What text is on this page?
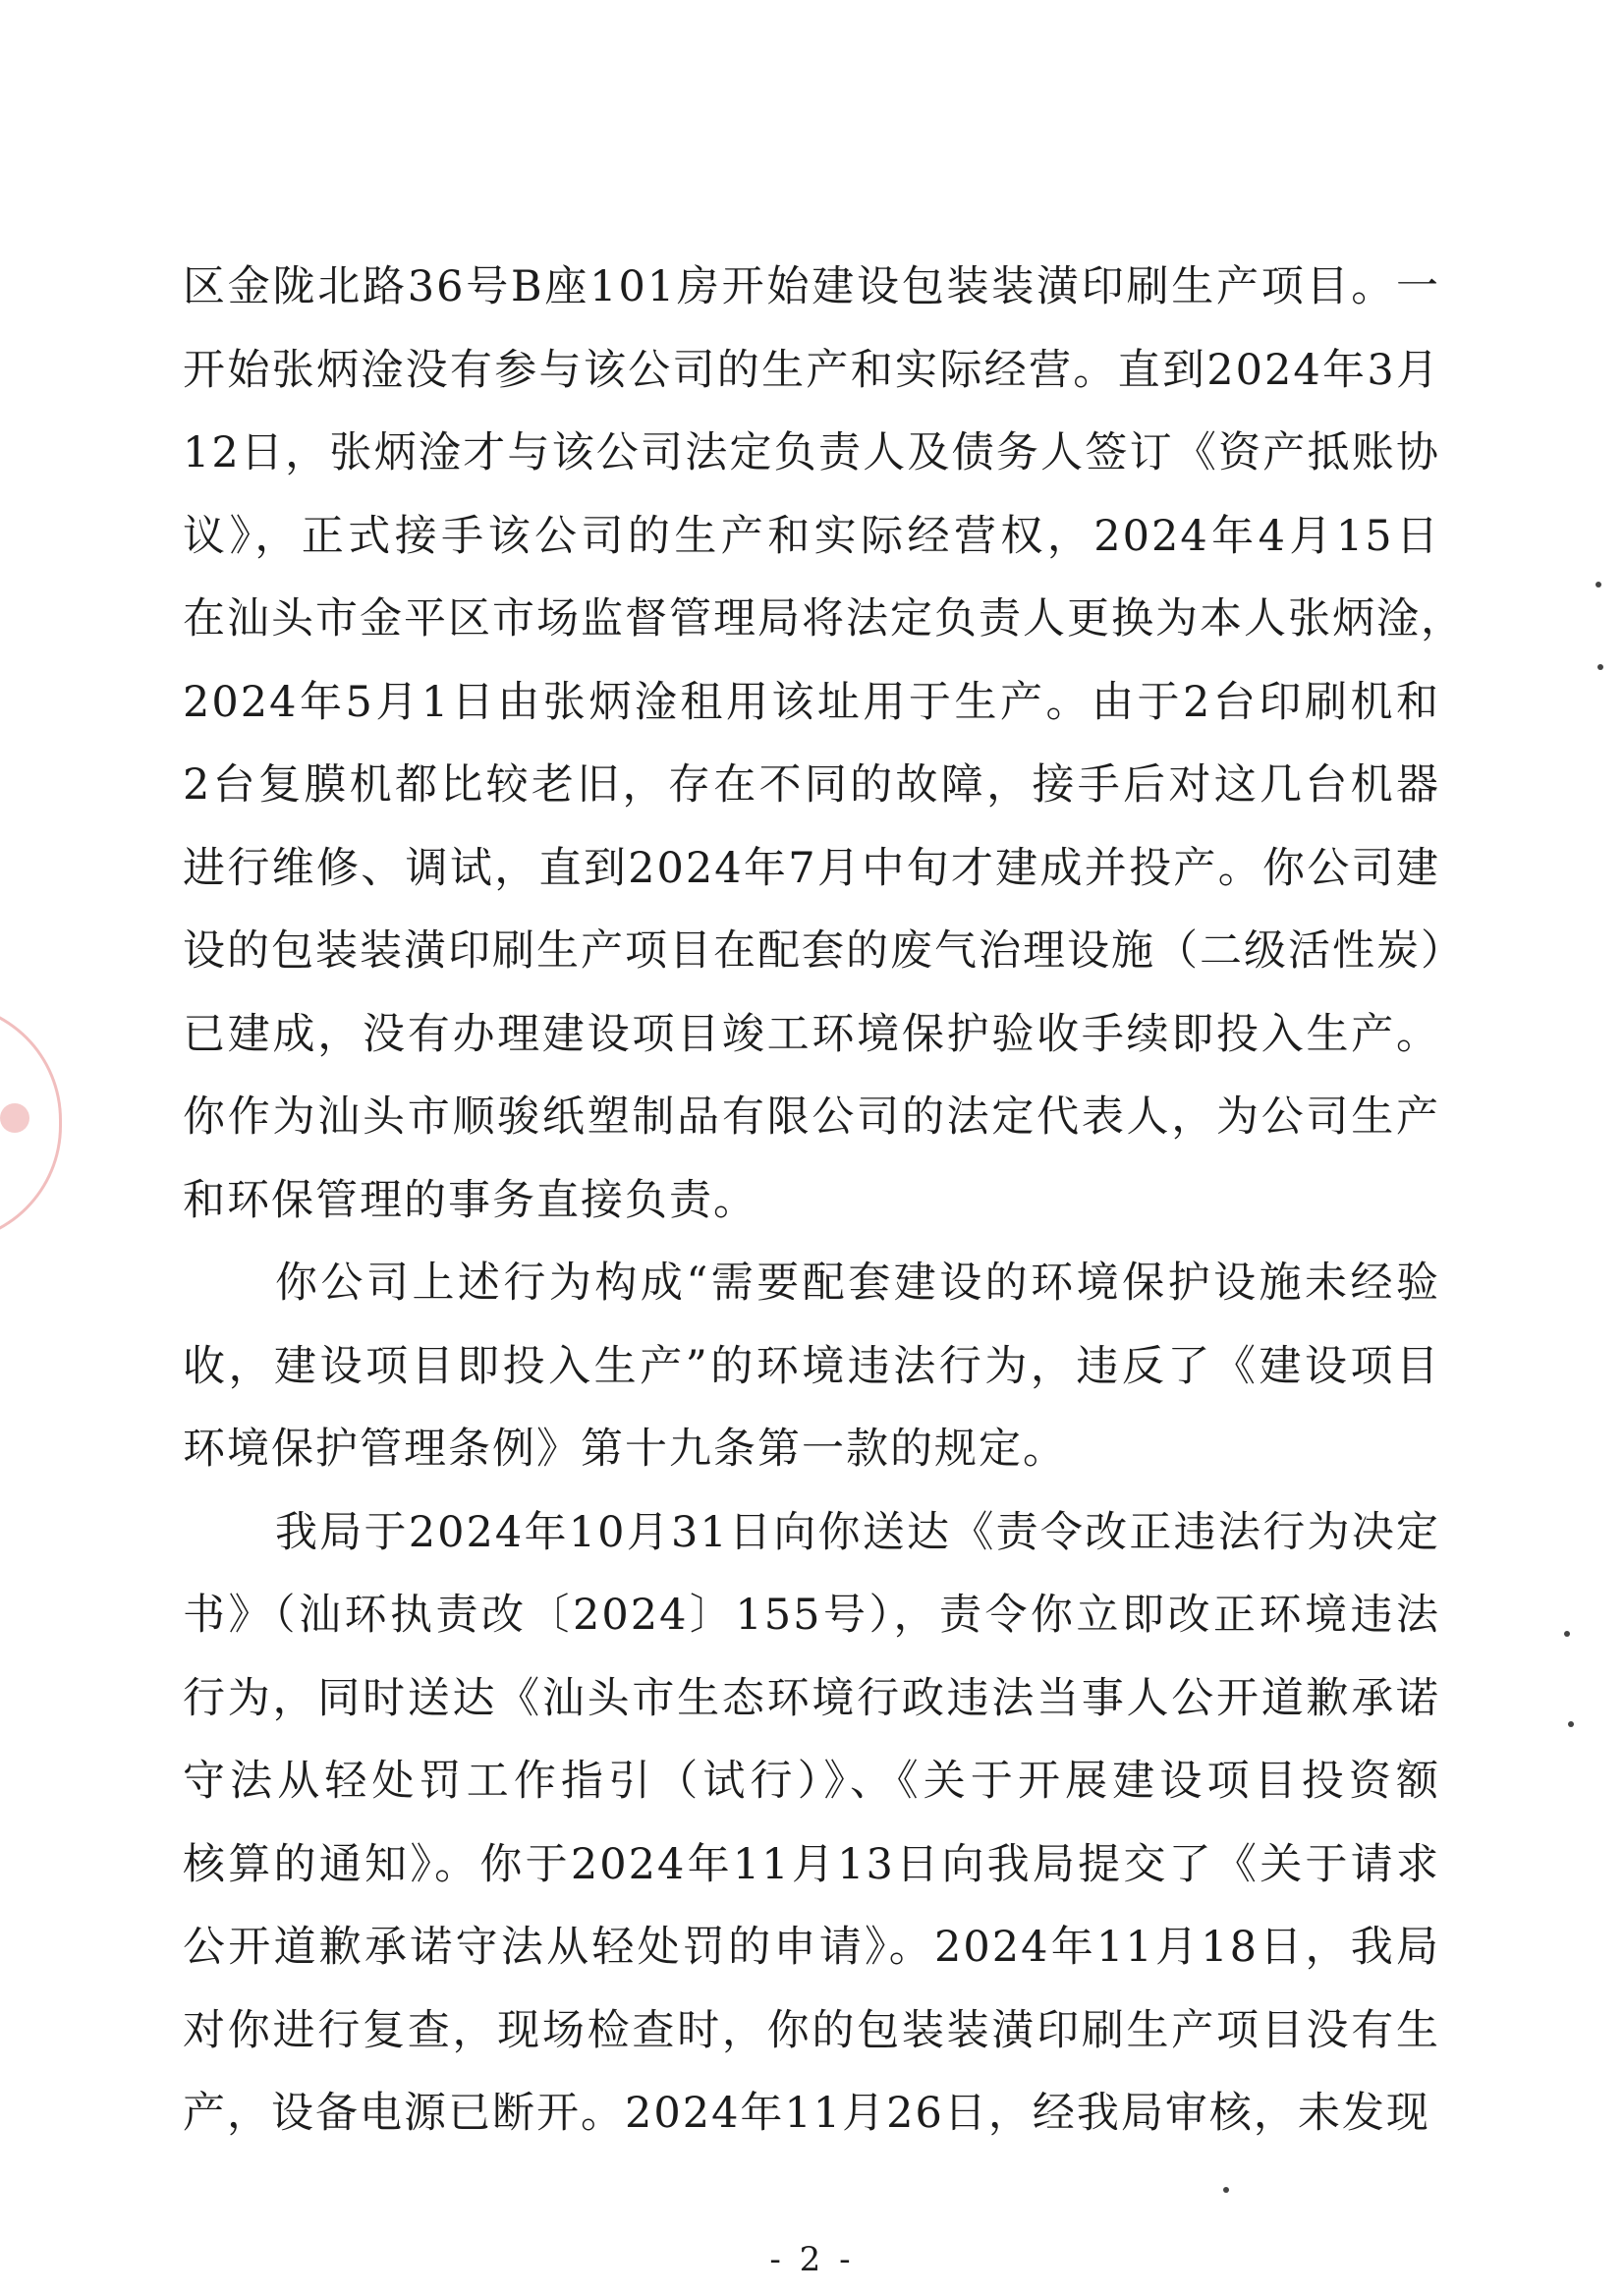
区金陇北路36号B座101房开始建设包装装潢印刷生产项目。一
开始张炳淦没有参与该公司的生产和实际经营。直到2024年3月
12日，张炳淦才与该公司法定负责人及债务人签订《资产抵账协
议》，正式接手该公司的生产和实际经营权，2024年4月15日
在汕头市金平区市场监督管理局将法定负责人更换为本人张炳淦，
2024年5月1日由张炳淦租用该址用于生产。由于2台印刷机和
2台复膜机都比较老旧，存在不同的故障，接手后对这几台机器
进行维修、调试，直到2024年7月中旬才建成并投产。你公司建
设的包装装潢印刷生产项目在配套的废气治理设施（二级活性炭）
已建成，没有办理建设项目竣工环境保护验收手续即投入生产。
你作为汕头市顺骏纸塑制品有限公司的法定代表人，为公司生产
和环保管理的事务直接负责。
你公司上述行为构成“需要配套建设的环境保护设施未经验
收，建设项目即投入生产”的环境违法行为，违反了《建设项目
环境保护管理条例》第十九条第一款的规定。
我局于2024年10月31日向你送达《责令改正违法行为决定
书》（汕环执责改〔2024〕155号），责令你立即改正环境违法
行为，同时送达《汕头市生态环境行政违法当事人公开道歉承诺
守法从轻处罚工作指引（试行）》、《关于开展建设项目投资额
核算的通知》。你于2024年11月13日向我局提交了《关于请求
公开道歉承诺守法从轻处罚的申请》。2024年11月18日，我局
对你进行复查，现场检查时，你的包装装潢印刷生产项目没有生
产，设备电源已断开。2024年11月26日，经我局审核，未发现
- 2 -
